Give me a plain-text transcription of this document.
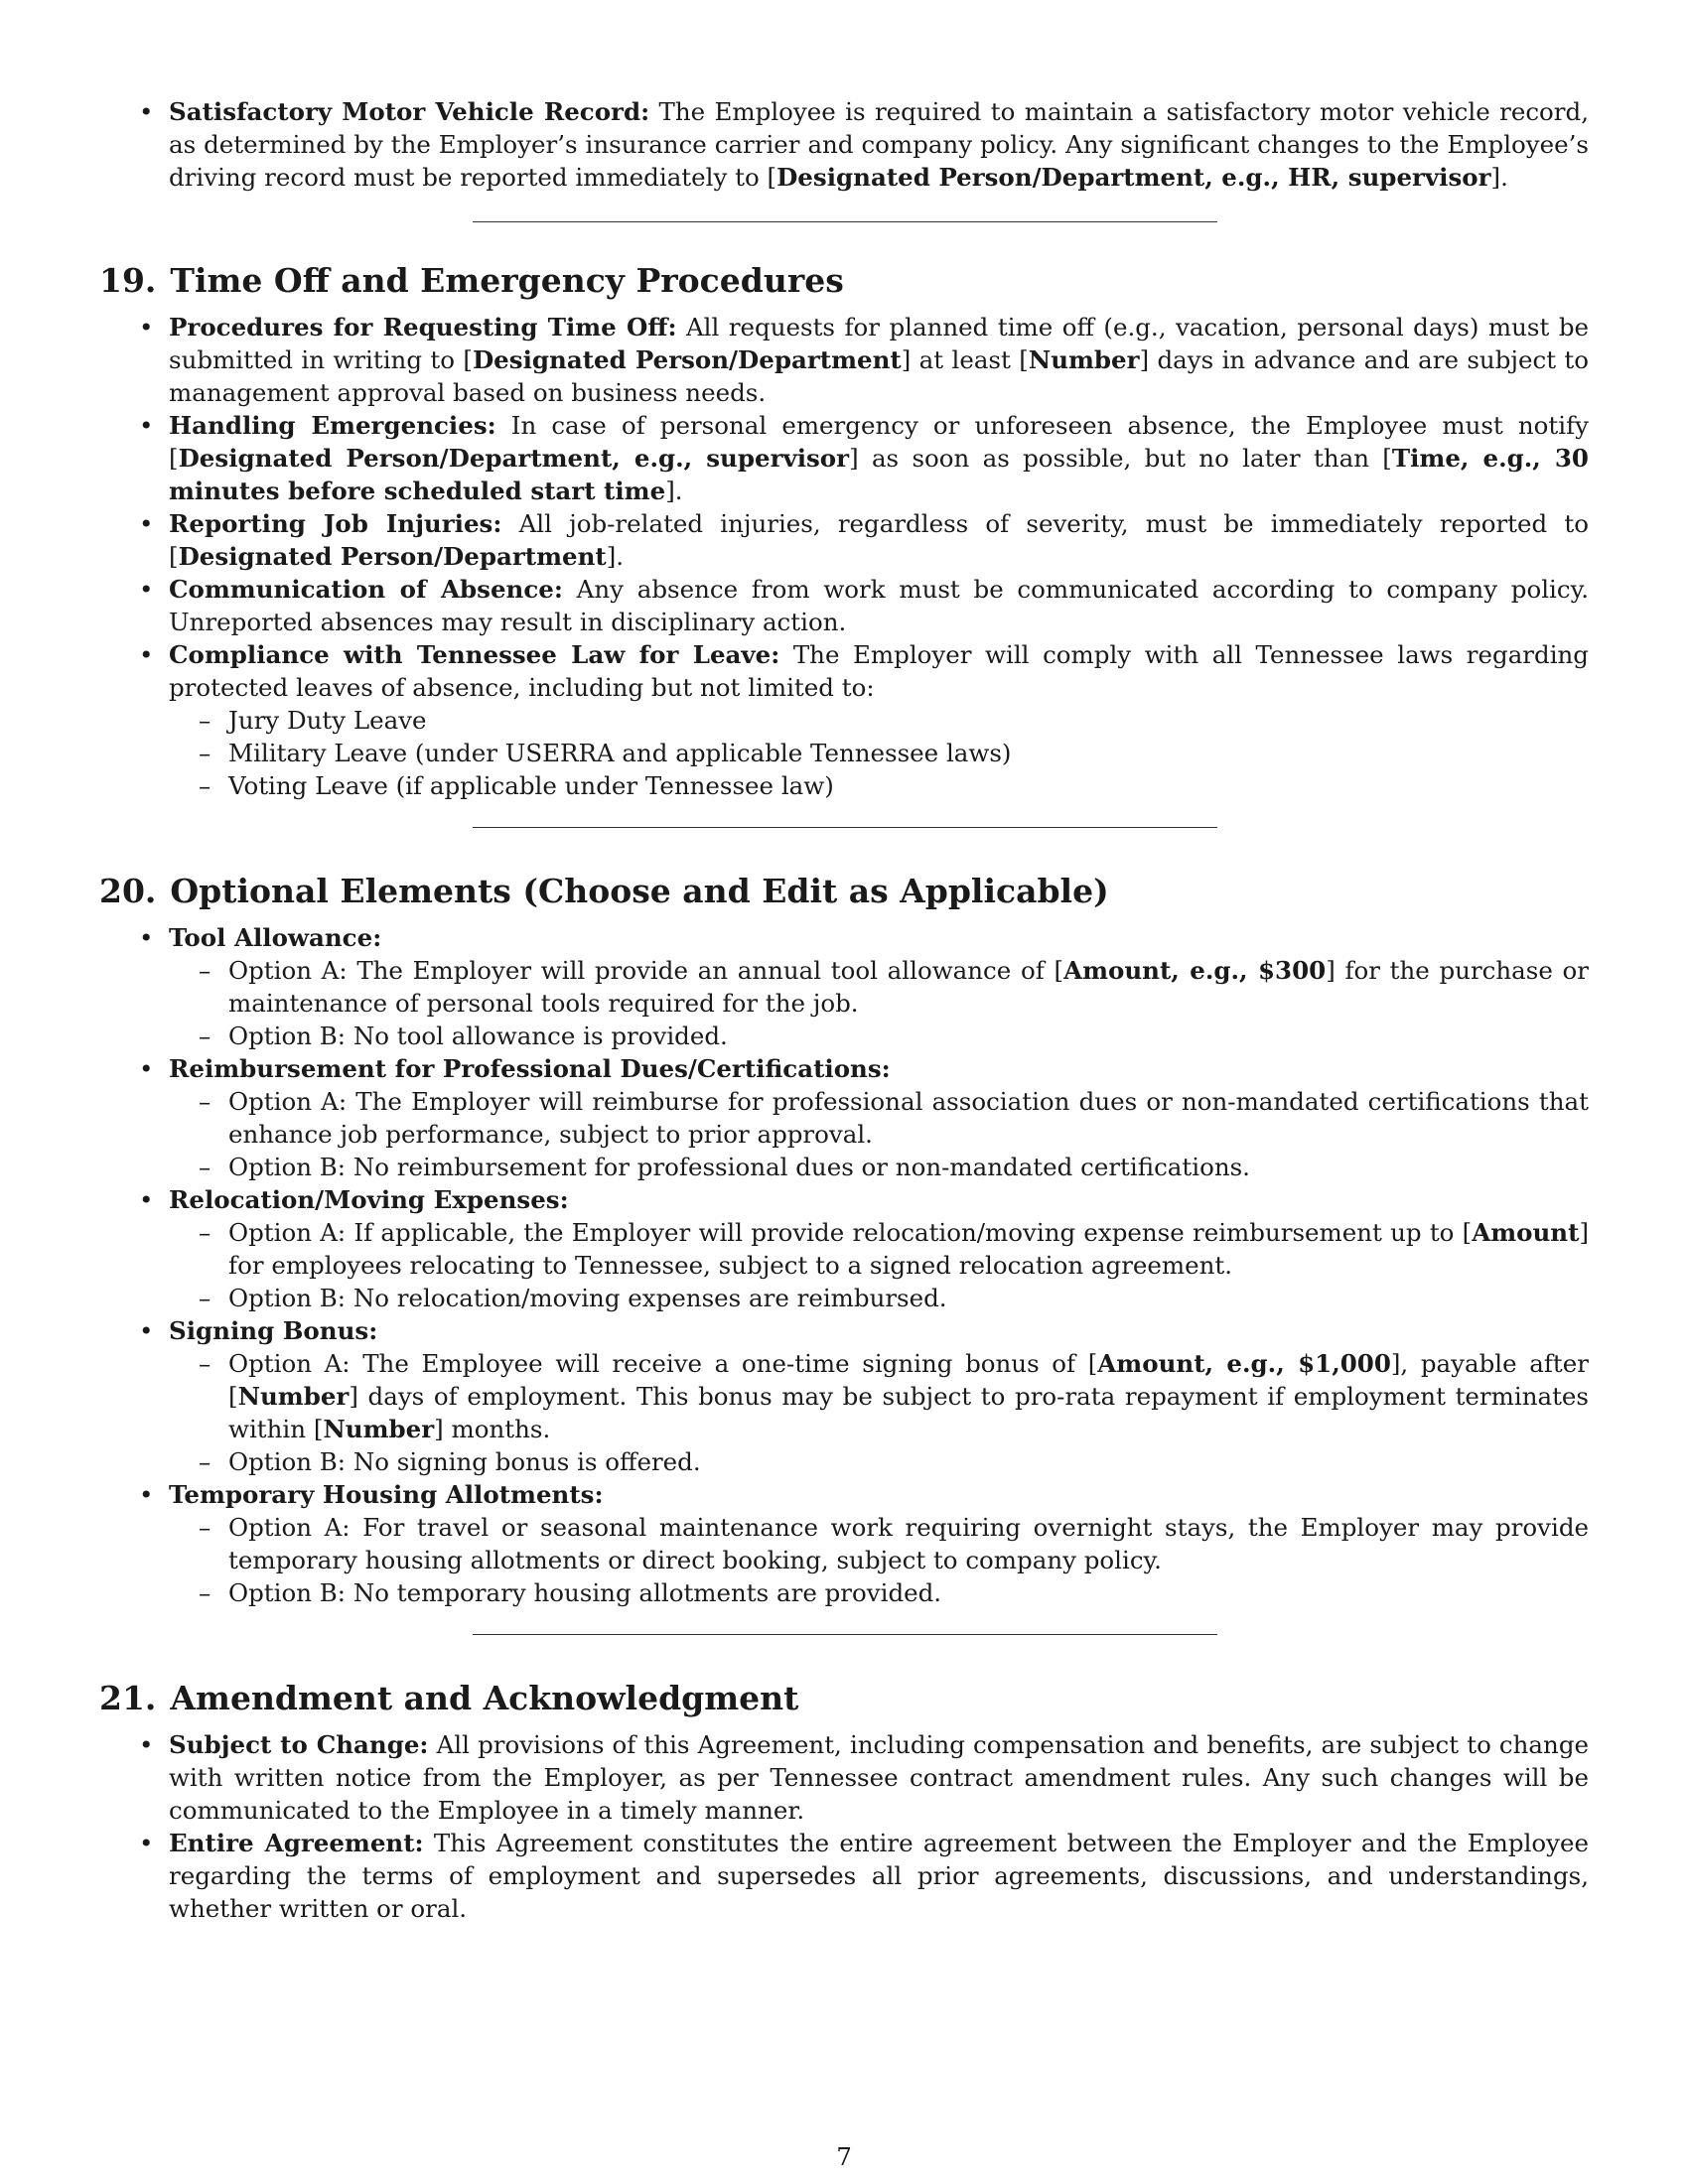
• Satisfactory Motor Vehicle Record: The Employee is required to maintain a satisfactory motor vehicle record, as determined by the Employer’s insurance carrier and company policy. Any significant changes to the Employee’s driving record must be reported immediately to [Designated Person/Department, e.g., HR, supervisor].
19. Time Off and Emergency Procedures
• Procedures for Requesting Time Off: All requests for planned time off (e.g., vacation, personal days) must be submitted in writing to [Designated Person/Department] at least [Number] days in advance and are subject to management approval based on business needs.
• Handling Emergencies: In case of personal emergency or unforeseen absence, the Employee must notify [Designated Person/Department, e.g., supervisor] as soon as possible, but no later than [Time, e.g., 30 minutes before scheduled start time].
• Reporting Job Injuries: All job-related injuries, regardless of severity, must be immediately reported to [Designated Person/Department].
• Communication of Absence: Any absence from work must be communicated according to company policy. Unreported absences may result in disciplinary action.
• Compliance with Tennessee Law for Leave: The Employer will comply with all Tennessee laws regarding protected leaves of absence, including but not limited to:
– Jury Duty Leave
– Military Leave (under USERRA and applicable Tennessee laws)
– Voting Leave (if applicable under Tennessee law)
20. Optional Elements (Choose and Edit as Applicable)
• Tool Allowance:
– Option A: The Employer will provide an annual tool allowance of [Amount, e.g., $300] for the purchase or maintenance of personal tools required for the job.
– Option B: No tool allowance is provided.
• Reimbursement for Professional Dues/Certifications:
– Option A: The Employer will reimburse for professional association dues or non-mandated certifications that enhance job performance, subject to prior approval.
– Option B: No reimbursement for professional dues or non-mandated certifications.
• Relocation/Moving Expenses:
– Option A: If applicable, the Employer will provide relocation/moving expense reimbursement up to [Amount] for employees relocating to Tennessee, subject to a signed relocation agreement.
– Option B: No relocation/moving expenses are reimbursed.
• Signing Bonus:
– Option A: The Employee will receive a one-time signing bonus of [Amount, e.g., $1,000], payable after [Number] days of employment. This bonus may be subject to pro-rata repayment if employment terminates within [Number] months.
– Option B: No signing bonus is offered.
• Temporary Housing Allotments:
– Option A: For travel or seasonal maintenance work requiring overnight stays, the Employer may provide temporary housing allotments or direct booking, subject to company policy.
– Option B: No temporary housing allotments are provided.
21. Amendment and Acknowledgment
• Subject to Change: All provisions of this Agreement, including compensation and benefits, are subject to change with written notice from the Employer, as per Tennessee contract amendment rules. Any such changes will be communicated to the Employee in a timely manner.
• Entire Agreement: This Agreement constitutes the entire agreement between the Employer and the Employee regarding the terms of employment and supersedes all prior agreements, discussions, and understandings, whether written or oral.
7
